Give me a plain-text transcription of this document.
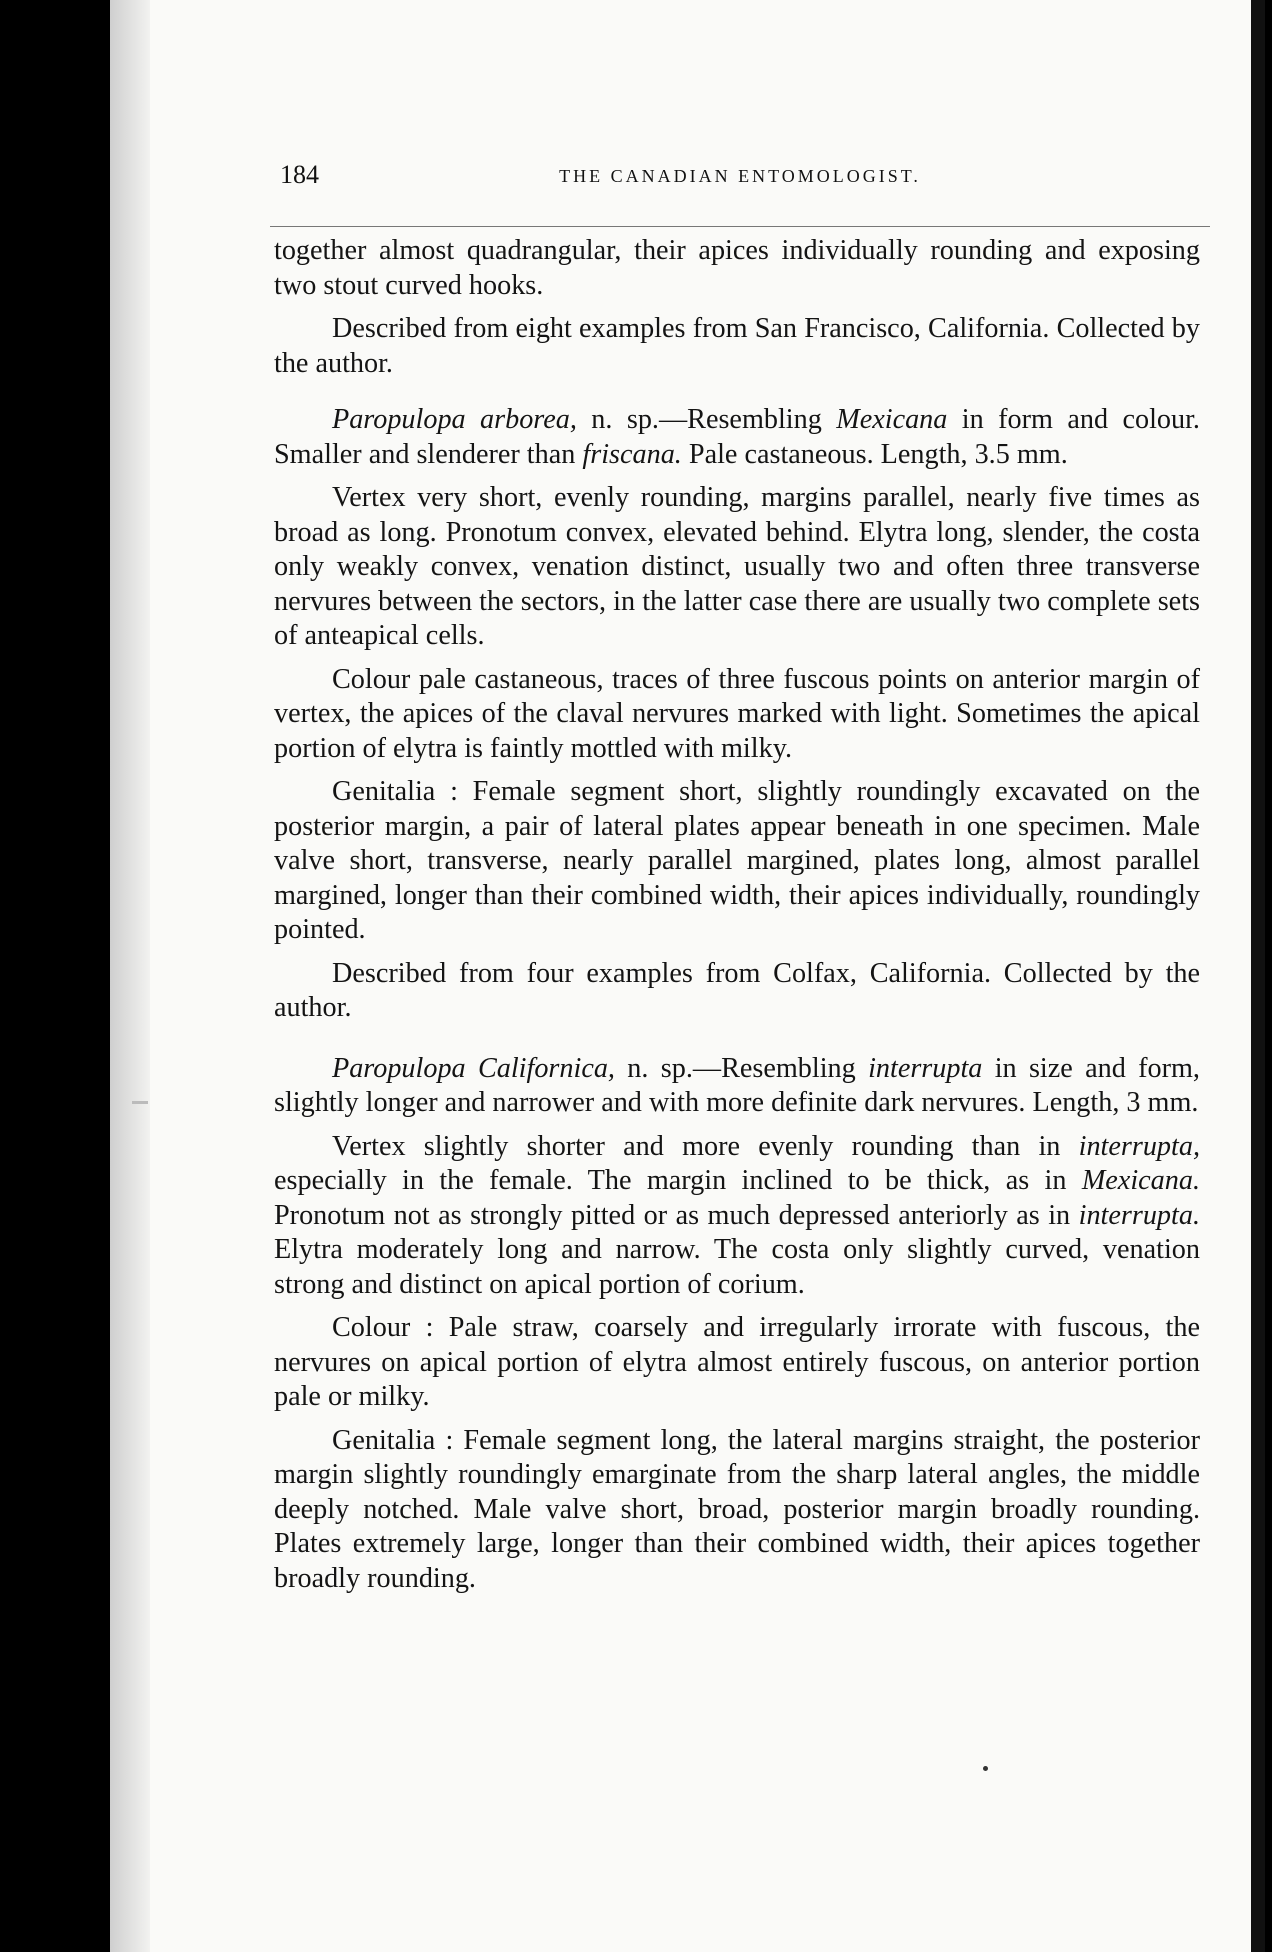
184	THE CANADIAN ENTOMOLOGIST.

together almost quadrangular, their apices individually rounding and exposing two stout curved hooks.

Described from eight examples from San Francisco, California. Collected by the author.

Paropulopa arborea, n. sp.—Resembling Mexicana in form and colour. Smaller and slenderer than friscana. Pale castaneous. Length, 3.5 mm.

Vertex very short, evenly rounding, margins parallel, nearly five times as broad as long. Pronotum convex, elevated behind. Elytra long, slender, the costa only weakly convex, venation distinct, usually two and often three transverse nervures between the sectors, in the latter case there are usually two complete sets of anteapical cells.

Colour pale castaneous, traces of three fuscous points on anterior margin of vertex, the apices of the claval nervures marked with light. Sometimes the apical portion of elytra is faintly mottled with milky.

Genitalia : Female segment short, slightly roundingly excavated on the posterior margin, a pair of lateral plates appear beneath in one specimen. Male valve short, transverse, nearly parallel margined, plates long, almost parallel margined, longer than their combined width, their apices individually, roundingly pointed.

Described from four examples from Colfax, California. Collected by the author.

Paropulopa Californica, n. sp.—Resembling interrupta in size and form, slightly longer and narrower and with more definite dark nervures. Length, 3 mm.

Vertex slightly shorter and more evenly rounding than in interrupta, especially in the female. The margin inclined to be thick, as in Mexicana. Pronotum not as strongly pitted or as much depressed anteriorly as in interrupta. Elytra moderately long and narrow. The costa only slightly curved, venation strong and distinct on apical portion of corium.

Colour : Pale straw, coarsely and irregularly irrorate with fuscous, the nervures on apical portion of elytra almost entirely fuscous, on anterior portion pale or milky.

Genitalia : Female segment long, the lateral margins straight, the posterior margin slightly roundingly emarginate from the sharp lateral angles, the middle deeply notched. Male valve short, broad, posterior margin broadly rounding. Plates extremely large, longer than their combined width, their apices together broadly rounding.
